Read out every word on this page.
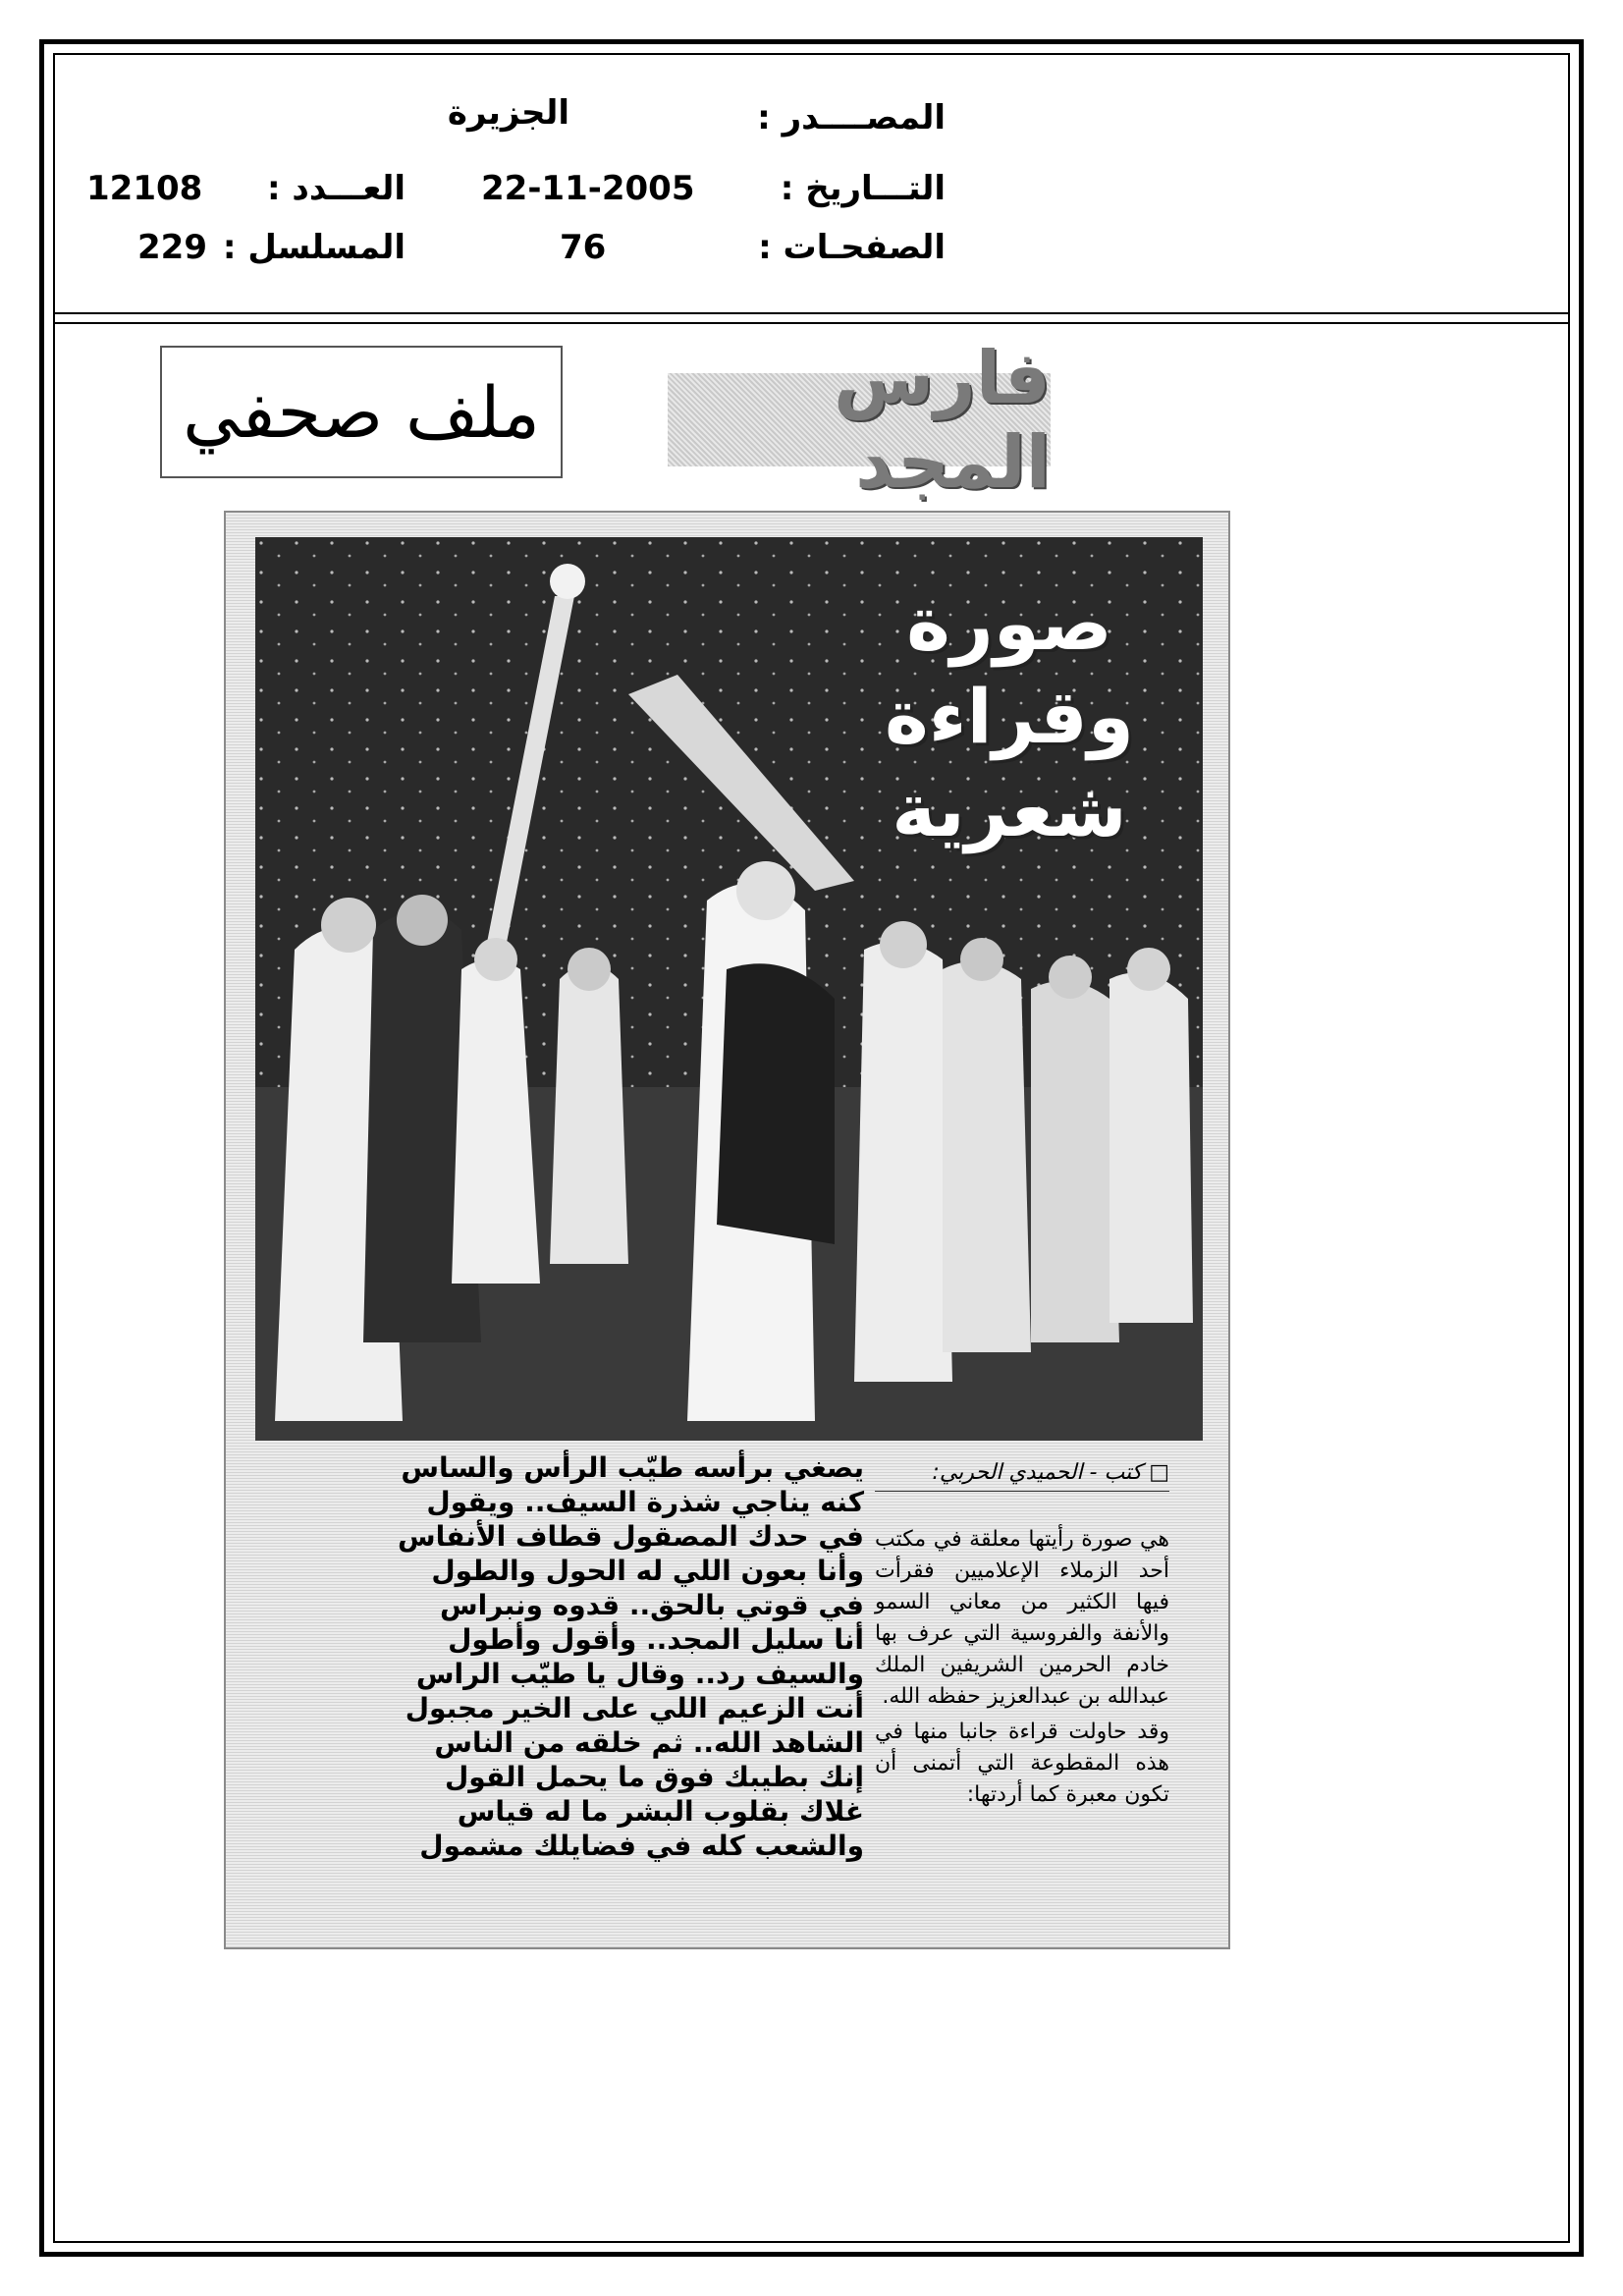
المصــــدر :
الجزيرة
التـــاريخ :
22-11-2005
العـــدد :
12108
الصفحـات :
76
المسلسل :
229
ملف صحفي	فارس المجد
صورة
وقراءة
شعرية
□ كتب - الحميدي الحربي:

هي صورة رأيتها معلقة في مكتب أحد الزملاء الإعلاميين فقرأت فيها الكثير من معاني السمو والأنفة والفروسية التي عرف بها خادم الحرمين الشريفين الملك عبدالله بن عبدالعزيز حفظه الله.

وقد حاولت قراءة جانبا منها في هذه المقطوعة التي أتمنى أن تكون معبرة كما أردتها:

يصغي برأسه طيّب الرأس والساس
كنه يناجي شذرة السيف.. ويقول
في حدك المصقول قطاف الأنفاس
وأنا بعون اللي له الحول والطول
في قوتي بالحق.. قدوه ونبراس
أنا سليل المجد.. وأقول وأطول
والسيف رد.. وقال يا طيّب الراس
أنت الزعيم اللي على الخير مجبول
الشاهد الله.. ثم خلقه من الناس
إنك بطيبك فوق ما يحمل القول
غلاك بقلوب البشر ما له قياس
والشعب كله في فضايلك مشمول
